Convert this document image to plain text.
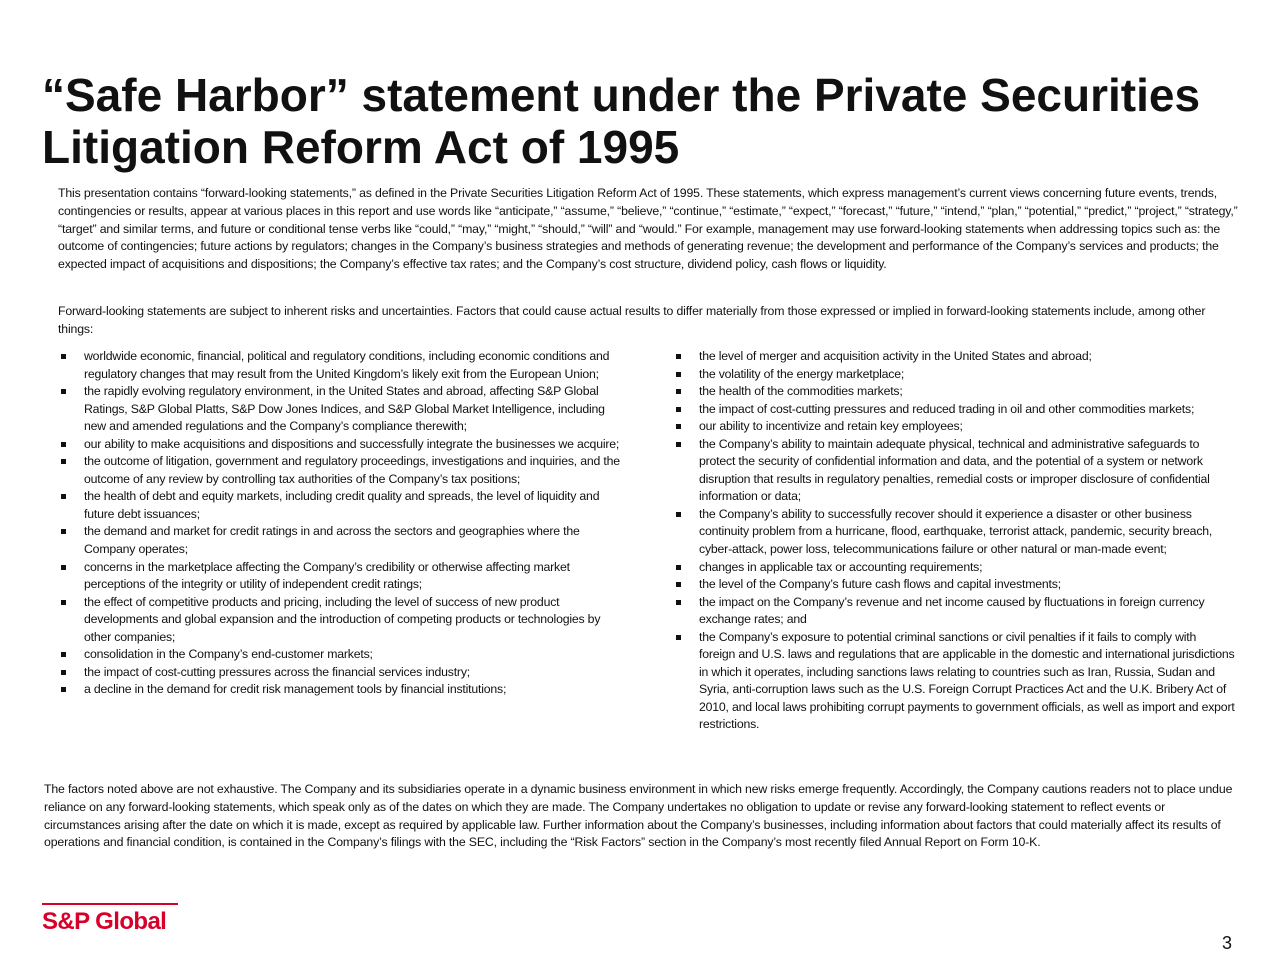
“Safe Harbor” statement under the Private Securities Litigation Reform Act of 1995

This presentation contains “forward-looking statements,” as defined in the Private Securities Litigation Reform Act of 1995. These statements, which express management’s current views concerning future events, trends, contingencies or results, appear at various places in this report and use words like “anticipate,” “assume,” “believe,” “continue,” “estimate,” “expect,” “forecast,” “future,” “intend,” “plan,” “potential,” “predict,” “project,” “strategy,” “target” and similar terms, and future or conditional tense verbs like “could,” “may,” “might,” “should,” “will” and “would.” For example, management may use forward-looking statements when addressing topics such as: the outcome of contingencies; future actions by regulators; changes in the Company’s business strategies and methods of generating revenue; the development and performance of the Company’s services and products; the expected impact of acquisitions and dispositions; the Company’s effective tax rates; and the Company’s cost structure, dividend policy, cash flows or liquidity.

Forward-looking statements are subject to inherent risks and uncertainties. Factors that could cause actual results to differ materially from those expressed or implied in forward-looking statements include, among other things:

worldwide economic, financial, political and regulatory conditions, including economic conditions and regulatory changes that may result from the United Kingdom’s likely exit from the European Union;
the rapidly evolving regulatory environment, in the United States and abroad, affecting S&P Global Ratings, S&P Global Platts, S&P Dow Jones Indices, and S&P Global Market Intelligence, including new and amended regulations and the Company’s compliance therewith;
our ability to make acquisitions and dispositions and successfully integrate the businesses we acquire;
the outcome of litigation, government and regulatory proceedings, investigations and inquiries, and the outcome of any review by controlling tax authorities of the Company’s tax positions;
the health of debt and equity markets, including credit quality and spreads, the level of liquidity and future debt issuances;
the demand and market for credit ratings in and across the sectors and geographies where the Company operates;
concerns in the marketplace affecting the Company’s credibility or otherwise affecting market perceptions of the integrity or utility of independent credit ratings;
the effect of competitive products and pricing, including the level of success of new product developments and global expansion and the introduction of competing products or technologies by other companies;
consolidation in the Company’s end-customer markets;
the impact of cost-cutting pressures across the financial services industry;
a decline in the demand for credit risk management tools by financial institutions;
the level of merger and acquisition activity in the United States and abroad;
the volatility of the energy marketplace;
the health of the commodities markets;
the impact of cost-cutting pressures and reduced trading in oil and other commodities markets;
our ability to incentivize and retain key employees;
the Company’s ability to maintain adequate physical, technical and administrative safeguards to protect the security of confidential information and data, and the potential of a system or network disruption that results in regulatory penalties, remedial costs or improper disclosure of confidential information or data;
the Company’s ability to successfully recover should it experience a disaster or other business continuity problem from a hurricane, flood, earthquake, terrorist attack, pandemic, security breach, cyber-attack, power loss, telecommunications failure or other natural or man-made event;
changes in applicable tax or accounting requirements;
the level of the Company’s future cash flows and capital investments;
the impact on the Company’s revenue and net income caused by fluctuations in foreign currency exchange rates; and
the Company’s exposure to potential criminal sanctions or civil penalties if it fails to comply with foreign and U.S. laws and regulations that are applicable in the domestic and international jurisdictions in which it operates, including sanctions laws relating to countries such as Iran, Russia, Sudan and Syria, anti-corruption laws such as the U.S. Foreign Corrupt Practices Act and the U.K. Bribery Act of 2010, and local laws prohibiting corrupt payments to government officials, as well as import and export restrictions.

The factors noted above are not exhaustive. The Company and its subsidiaries operate in a dynamic business environment in which new risks emerge frequently. Accordingly, the Company cautions readers not to place undue reliance on any forward-looking statements, which speak only as of the dates on which they are made. The Company undertakes no obligation to update or revise any forward-looking statement to reflect events or circumstances arising after the date on which it is made, except as required by applicable law. Further information about the Company’s businesses, including information about factors that could materially affect its results of operations and financial condition, is contained in the Company’s filings with the SEC, including the “Risk Factors” section in the Company’s most recently filed Annual Report on Form 10-K.

S&P Global
3
